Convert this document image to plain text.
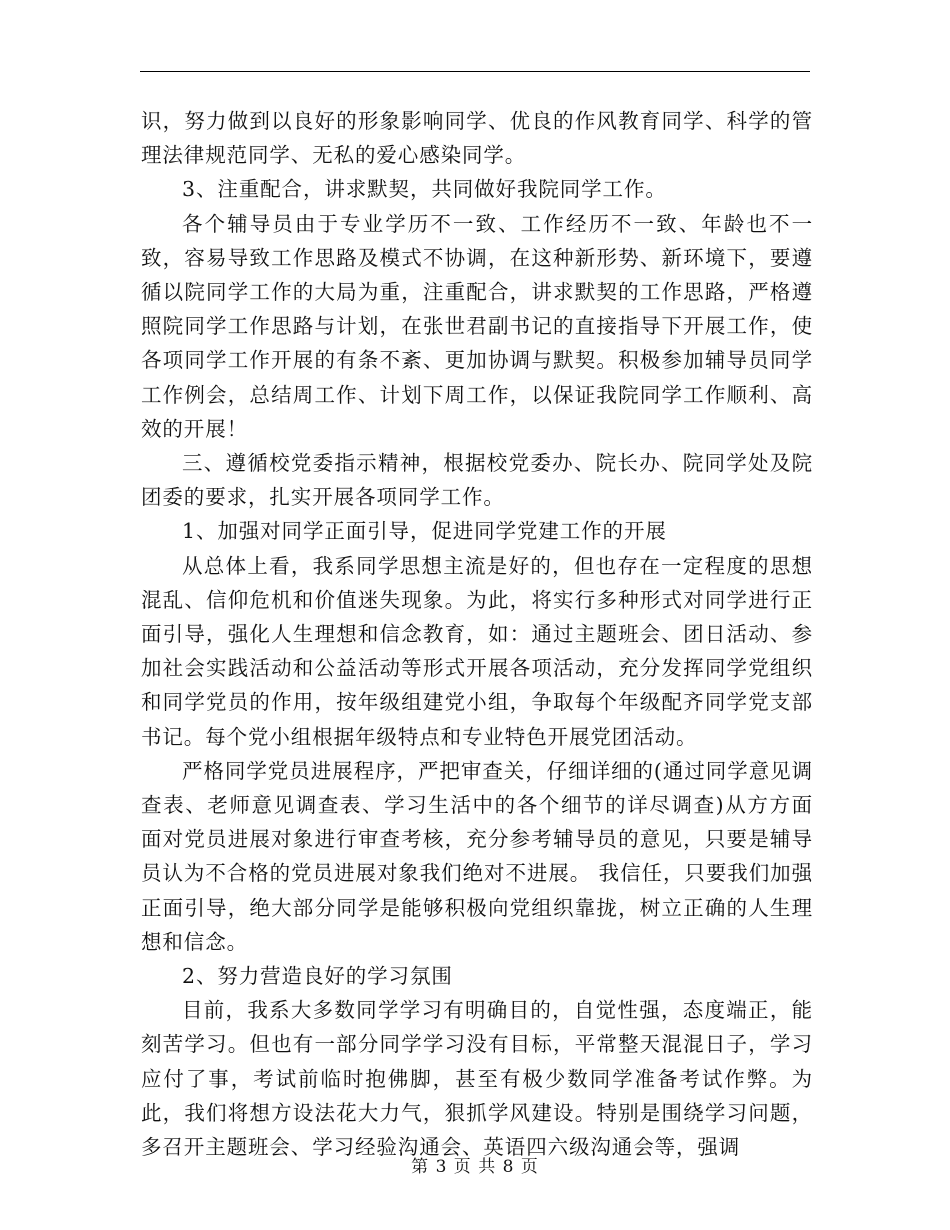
识，努力做到以良好的形象影响同学、优良的作风教育同学、科学的管理法律规范同学、无私的爱心感染同学。

3、注重配合，讲求默契，共同做好我院同学工作。

各个辅导员由于专业学历不一致、工作经历不一致、年龄也不一致，容易导致工作思路及模式不协调，在这种新形势、新环境下，要遵循以院同学工作的大局为重，注重配合，讲求默契的工作思路，严格遵照院同学工作思路与计划，在张世君副书记的直接指导下开展工作，使各项同学工作开展的有条不紊、更加协调与默契。积极参加辅导员同学工作例会，总结周工作、计划下周工作，以保证我院同学工作顺利、高效的开展！

三、遵循校党委指示精神，根据校党委办、院长办、院同学处及院团委的要求，扎实开展各项同学工作。

1、加强对同学正面引导，促进同学党建工作的开展

从总体上看，我系同学思想主流是好的，但也存在一定程度的思想混乱、信仰危机和价值迷失现象。为此，将实行多种形式对同学进行正面引导，强化人生理想和信念教育，如：通过主题班会、团日活动、参加社会实践活动和公益活动等形式开展各项活动，充分发挥同学党组织和同学党员的作用，按年级组建党小组，争取每个年级配齐同学党支部书记。每个党小组根据年级特点和专业特色开展党团活动。

严格同学党员进展程序，严把审查关，仔细详细的(通过同学意见调查表、老师意见调查表、学习生活中的各个细节的详尽调查)从方方面面对党员进展对象进行审查考核，充分参考辅导员的意见，只要是辅导员认为不合格的党员进展对象我们绝对不进展。 我信任，只要我们加强正面引导，绝大部分同学是能够积极向党组织靠拢，树立正确的人生理想和信念。

2、努力营造良好的学习氛围

目前，我系大多数同学学习有明确目的，自觉性强，态度端正，能刻苦学习。但也有一部分同学学习没有目标，平常整天混混日子，学习应付了事，考试前临时抱佛脚，甚至有极少数同学准备考试作弊。为此，我们将想方设法花大力气，狠抓学风建设。特别是围绕学习问题，多召开主题班会、学习经验沟通会、英语四六级沟通会等，强调

第 3 页 共 8 页
